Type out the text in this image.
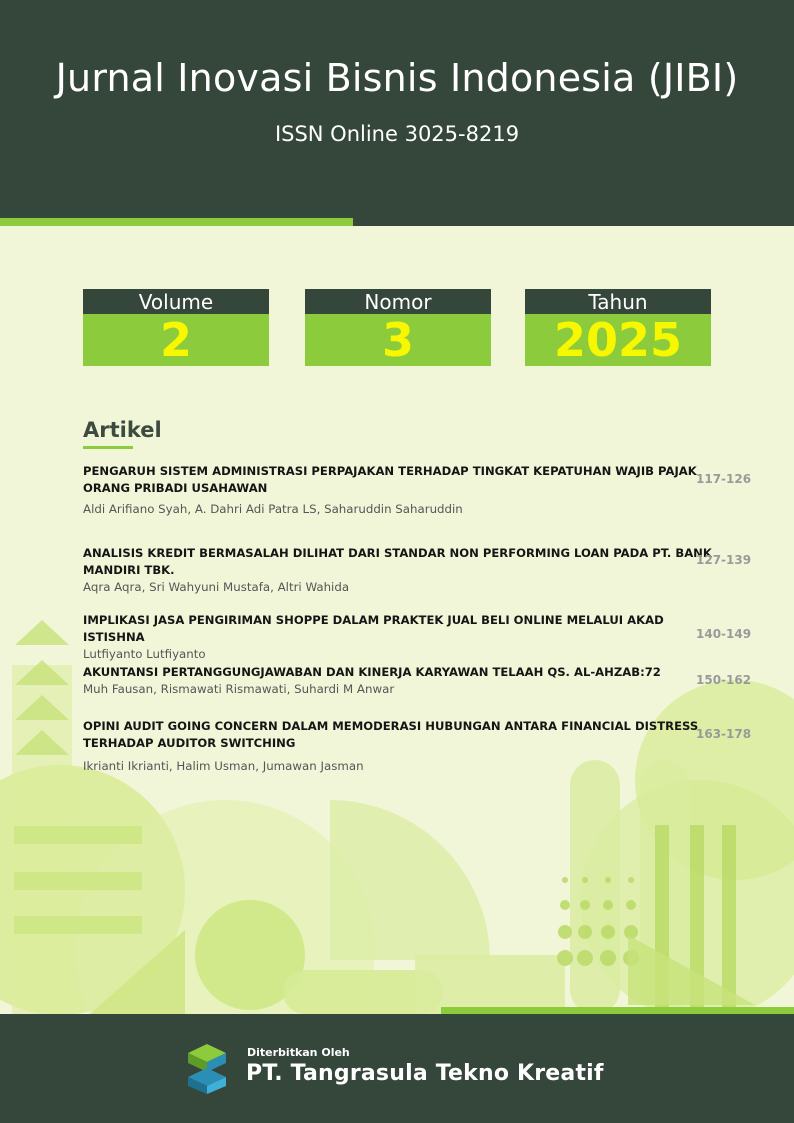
Jurnal Inovasi Bisnis Indonesia (JIBI)
ISSN Online 3025-8219
Volume
2
Nomor
3
Tahun
2025
Artikel
PENGARUH SISTEM ADMINISTRASI PERPAJAKAN TERHADAP TINGKAT KEPATUHAN WAJIB PAJAK ORANG PRIBADI USAHAWAN
Aldi Arifiano Syah, A. Dahri Adi Patra LS, Saharuddin Saharuddin
117-126
ANALISIS KREDIT BERMASALAH DILIHAT DARI STANDAR NON PERFORMING LOAN PADA PT. BANK MANDIRI TBK.
Aqra Aqra, Sri Wahyuni Mustafa, Altri Wahida
127-139
IMPLIKASI JASA PENGIRIMAN SHOPPE DALAM PRAKTEK JUAL BELI ONLINE MELALUI AKAD ISTISHNA
Lutfiyanto Lutfiyanto
140-149
AKUNTANSI PERTANGGUNGJAWABAN DAN KINERJA KARYAWAN TELAAH QS. AL-AHZAB:72
Muh Fausan, Rismawati Rismawati, Suhardi M Anwar
150-162
OPINI AUDIT GOING CONCERN DALAM MEMODERASI HUBUNGAN ANTARA FINANCIAL DISTRESS TERHADAP AUDITOR SWITCHING
Ikrianti Ikrianti, Halim Usman, Jumawan Jasman
163-178
Diterbitkan Oleh
PT. Tangrasula Tekno Kreatif
